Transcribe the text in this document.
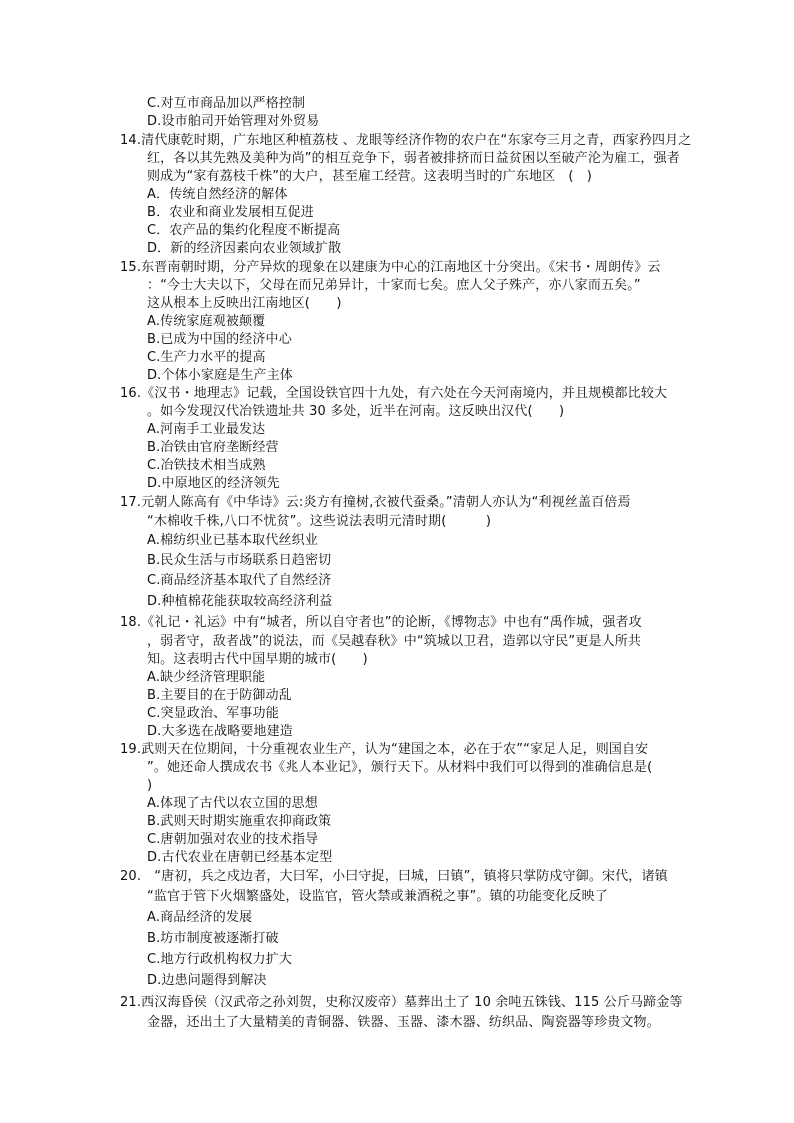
C.对互市商品加以严格控制
D.设市舶司开始管理对外贸易
14.清代康乾时期，广东地区种植荔枝 、龙眼等经济作物的农户在“东家夸三月之青，西家矜四月之
红，各以其先熟及美种为尚”的相互竞争下，弱者被排挤而日益贫困以至破产沦为雇工，强者
则成为“家有荔枝千株”的大户，甚至雇工经营。这表明当时的广东地区　(　)
A．传统自然经济的解体
B．农业和商业发展相互促进
C．农产品的集约化程度不断提高
D．新的经济因素向农业领域扩散
15.东晋南朝时期，分产异炊的现象在以建康为中心的江南地区十分突出。《宋书・周朗传》云
：“今士大夫以下，父母在而兄弟异计，十家而七矣。庶人父子殊产，亦八家而五矣。”
这从根本上反映出江南地区(　　)
A.传统家庭观被颠覆
B.已成为中国的经济中心
C.生产力水平的提高
D.个体小家庭是生产主体
16.《汉书・地理志》记载，全国设铁官四十九处，有六处在今天河南境内，并且规模都比较大
。如今发现汉代冶铁遗址共 30 多处，近半在河南。这反映出汉代(　　)
A.河南手工业最发达
B.冶铁由官府垄断经营
C.冶铁技术相当成熟
D.中原地区的经济领先
17.元朝人陈高有《中华诗》云:炎方有撞树,衣被代蚕桑。”清朝人亦认为“利视丝盖百倍焉
“木棉收千株,八口不忧贫”。这些说法表明元清时期(　　　)
A.棉纺织业已基本取代丝织业
B.民众生活与市场联系日趋密切
C.商品经济基本取代了自然经济
D.种植棉花能获取较高经济利益
18.《礼记・礼运》中有“城者，所以自守者也”的论断，《博物志》中也有“禹作城，强者攻
，弱者守，敌者战”的说法，而《吴越春秋》中“筑城以卫君，造郭以守民”更是人所共
知。这表明古代中国早期的城市(　　)
A.缺少经济管理职能
B.主要目的在于防御动乱
C.突显政治、军事功能
D.大多选在战略要地建造
19.武则天在位期间，十分重视农业生产，认为“建国之本，必在于农”“家足人足，则国自安
”。她还命人撰成农书《兆人本业记》，颁行天下。从材料中我们可以得到的准确信息是(
)
A.体现了古代以农立国的思想
B.武则天时期实施重农抑商政策
C.唐朝加强对农业的技术指导
D.古代农业在唐朝已经基本定型
20.　“唐初，兵之戍边者，大曰军，小曰守捉，曰城，曰镇”，镇将只掌防戍守御。宋代，诸镇
“监官于管下火烟繁盛处，设监官，管火禁或兼酒税之事”。镇的功能变化反映了
A.商品经济的发展
B.坊市制度被逐渐打破
C.地方行政机构权力扩大
D.边患问题得到解决
21.西汉海昏侯（汉武帝之孙刘贺，史称汉废帝）墓葬出土了 10 余吨五铢钱、115 公斤马蹄金等
金器，还出土了大量精美的青铜器、铁器、玉器、漆木器、纺织品、陶瓷器等珍贵文物。
